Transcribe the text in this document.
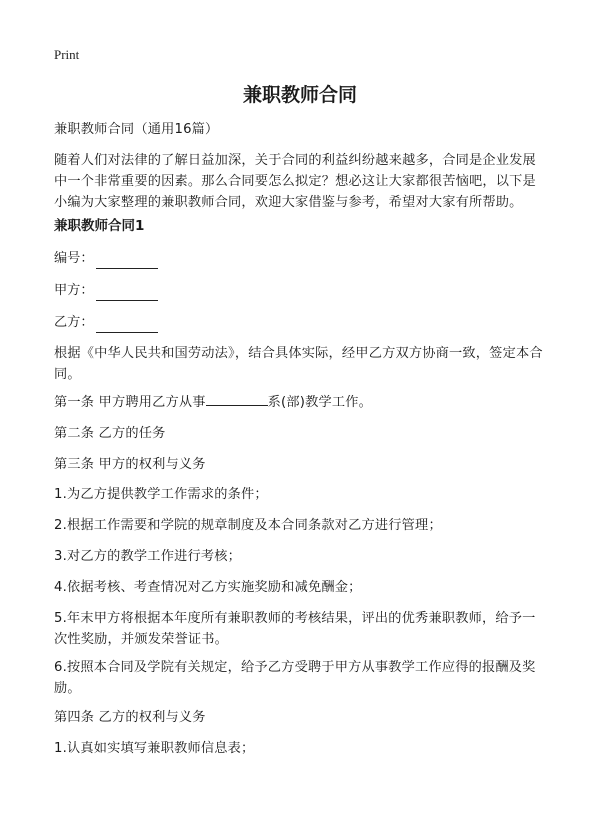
Print
兼职教师合同

兼职教师合同（通用16篇）

随着人们对法律的了解日益加深，关于合同的利益纠纷越来越多，合同是企业发展中一个非常重要的因素。那么合同要怎么拟定？想必这让大家都很苦恼吧，以下是小编为大家整理的兼职教师合同，欢迎大家借鉴与参考，希望对大家有所帮助。

兼职教师合同1

编号：
甲方：
乙方：

根据《中华人民共和国劳动法》，结合具体实际，经甲乙方双方协商一致，签定本合同。

第一条 甲方聘用乙方从事	系(部)教学工作。

第二条 乙方的任务

第三条 甲方的权利与义务

1.为乙方提供教学工作需求的条件；

2.根据工作需要和学院的规章制度及本合同条款对乙方进行管理；

3.对乙方的教学工作进行考核；

4.依据考核、考查情况对乙方实施奖励和减免酬金；

5.年末甲方将根据本年度所有兼职教师的考核结果，评出的优秀兼职教师，给予一次性奖励，并颁发荣誉证书。

6.按照本合同及学院有关规定，给予乙方受聘于甲方从事教学工作应得的报酬及奖励。

第四条 乙方的权利与义务

1.认真如实填写兼职教师信息表；
